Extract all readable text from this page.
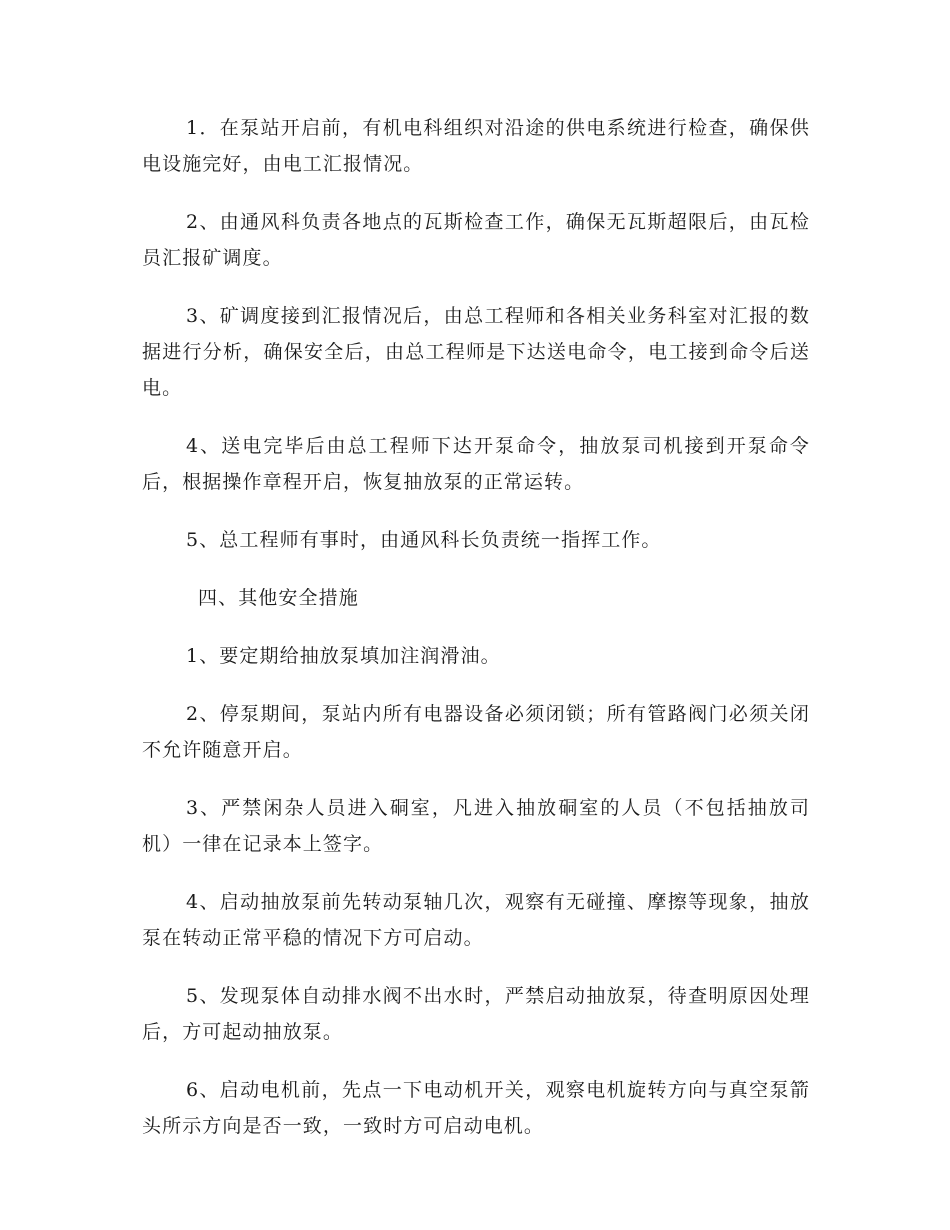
1．在泵站开启前，有机电科组织对沿途的供电系统进行检查，确保供电设施完好，由电工汇报情况。

2、由通风科负责各地点的瓦斯检查工作，确保无瓦斯超限后，由瓦检员汇报矿调度。

3、矿调度接到汇报情况后，由总工程师和各相关业务科室对汇报的数据进行分析，确保安全后，由总工程师是下达送电命令，电工接到命令后送电。

4、送电完毕后由总工程师下达开泵命令，抽放泵司机接到开泵命令后，根据操作章程开启，恢复抽放泵的正常运转。

5、总工程师有事时，由通风科长负责统一指挥工作。

四、其他安全措施

1、要定期给抽放泵填加注润滑油。

2、停泵期间，泵站内所有电器设备必须闭锁；所有管路阀门必须关闭不允许随意开启。

3、严禁闲杂人员进入硐室，凡进入抽放硐室的人员（不包括抽放司机）一律在记录本上签字。

4、启动抽放泵前先转动泵轴几次，观察有无碰撞、摩擦等现象，抽放泵在转动正常平稳的情况下方可启动。

5、发现泵体自动排水阀不出水时，严禁启动抽放泵，待查明原因处理后，方可起动抽放泵。

6、启动电机前，先点一下电动机开关，观察电机旋转方向与真空泵箭头所示方向是否一致，一致时方可启动电机。
